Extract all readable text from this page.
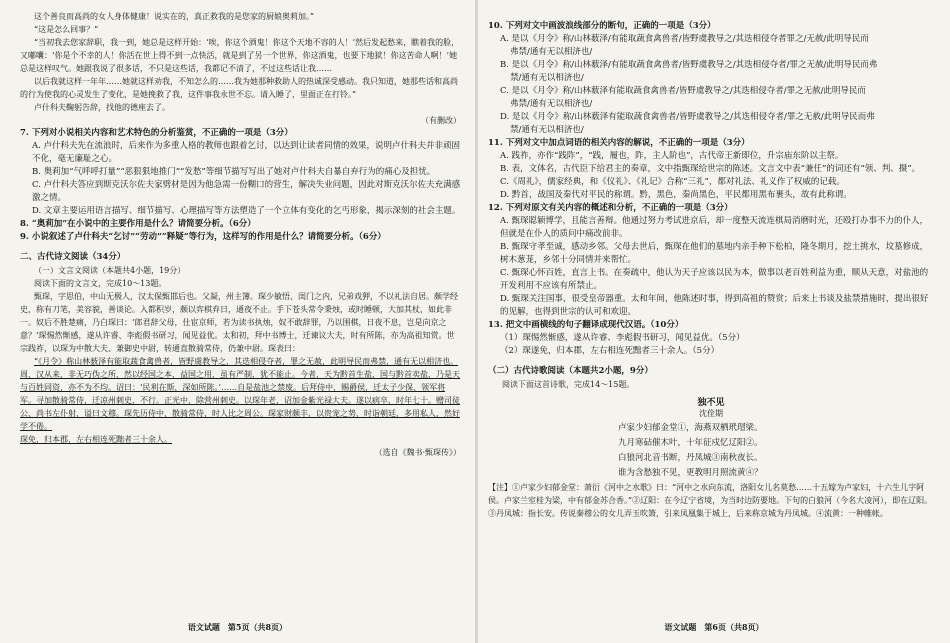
这个善良而高尚的女人身体健康！说实在的，真正救我的是您家的厨娘奥莉加。”

“这是怎么回事？”

“当初我去您家辞职，我一到，她总是这样开始：‘唉，你这个酒鬼！你这个天地不容的人！’然后发起愁来，瞧着我的脸，又嘟囔：‘你是个不幸的人！你活在世上得不到一点快活，就是到了另一个世界，你这酒鬼，也要下地狱！你这苦命人啊！’她总是这样叹气。她跟我说了很多话，不只是这些话，我都记不清了，不过这些话让我……

以后我就这样一年年……她就这样劝我，不知怎么的……我为她那种救助人的热诚深受感动。我只知道，她那些话和高尚的行为使我的心灵发生了变化，是她挽救了我，这件事我永世不忘。请入睡了，里面正在打铃。”

卢什科夫鞠躬告辞，找他的德座去了。

（有删改）

7. 下列对小说相关内容和艺术特色的分析鉴赏，不正确的一项是（3分）

A. 卢什科夫先在流浪时，后来作为多重人格的教师也跟着乞讨，以达到让读者同情的效果，说明卢什科夫并非顽固不化，毫无廉耻之心。

B. 奥莉加“气呼呼打量”“恶狠狠地推门”“发愁”等细节描写写出了她对卢什科夫自暴自弃行为的痛心及担忧。

C. 卢什科夫答应到斯克沃尔佐夫家劈材是因为他急需一份糊口的营生，解决失业问题，因此对斯克沃尔佐夫充满感激之情。

D. 文章主要运用语言描写、细节描写、心理描写等方法塑造了一个立体有变化的乞丐形象，揭示深刻的社会主题。

8. “奥莉加”在小说中的主要作用是什么？请简要分析。（6分）

9. 小说叙述了卢什科夫“乞讨”“劳动”“释疑”等行为，这样写的作用是什么？请简要分析。（6分）

二、古代诗文阅读（34分）

（一）文言文阅读（本题共4小题，19分）

阅读下面的文言文，完成10～13题。

甄琛，字思伯，中山无极人，汉太保甄邯后也。父凝，州主簿。琛少敏悟，闺门之内，兄弟戏狎，不以礼法自居。颇学经史，称有刀笔，美容貌，善谈论。入都积岁，颇以弈棋弃日，通夜不止。手下苍头常令秉烛，或时睡顿，大加其杖，如此非一。奴后不胜楚痛，乃白琛曰：‘郎君辞父母，仕宦京师，若为读书执烛，奴不敢辞罪，乃以围棋，日夜不息，岂是向京之意？’琛惕然惭感，遂从许睿、李彪假书研习，闻见益优。太和初，拜中书博士，迁谏议大夫，时有所陈，亦为高祖知赏。世宗践祚，以琛为中散大夫、兼御史中尉，转通直散骑常侍，仍兼中尉。琛表曰：

“《月令》称山林薮泽有能取蔬食禽兽者，皆野虞教导之，其迭相侵夺者，罪之无赦，此明导民而弗禁，通有无以相济也。周、汉从来，非无巧伪之所，然以经国之本，益国之用，虽有严制，犹不能止。今者，天为黔首生盐，国与黔首卖盐，乃是天与百姓同资，亦不为不均。诏曰：‘民利在斯，深如所陈。’……自是盐池之禁废。后拜侍中，赐爵侯，迁太子少保、领军将军。寻加散骑常侍，迁凉州刺史，不行。正光中，除营州刺史。以琛年老，诏加金紫光禄大夫。遂以病卒，时年七十。赠司徒公、尚书左仆射，谥曰文穆。琛先历侍中、散骑常侍，时人比之周公。琛家财颇丰，以贵宠之势，时诣朝廷，多用私人，然好学不倦。

琛免，归本郡，左右相连死黜者三十余人。

（选自《魏书·甄琛传》）

语文试题　第5页（共8页）

10. 下列对文中画波浪线部分的断句，正确的一项是（3分）

A. 是以《月令》称/山林薮泽/有能取蔬食禽兽者/皆野虞教导之/其迭相侵夺者罪之/无赦/此明导民而

弗禁/通有无以相济也/

B. 是以《月令》称/山林薮泽/有能取蔬食禽兽者/皆野虞教导之/其迭相侵夺者/罪之无赦/此明导民而弗

禁/通有无以相济也/

C. 是以《月令》称/山林薮泽有能取蔬食禽兽者/皆野虞教导之/其迭相侵夺者/罪之无赦/此明导民而

弗禁/通有无以相济也/

D. 是以《月令》称/山林薮泽有能取蔬食禽兽者/皆野虞教导之/其迭相侵夺者/罪之无赦/此明导民而弗

禁/通有无以相济也/

11. 下列对文中加点词语的相关内容的解说，不正确的一项是（3分）

A. 践祚，亦作“践阼”，“践，履也，阼，主人阶也”，古代帝王新即位，升宗庙东阶以主祭。

B. 表，文体名，古代臣下给君主的奏章，文中指甄琛给世宗的陈述。文言文中表“兼任”的词还有“领、判、摄”。

C.《周礼》，儒家经典，和《仪礼》、《礼记》合称“三礼”，都对礼法、礼义作了权威的记载。

D. 黔首，战国及秦代对平民的称谓。黔，黑色，秦尚黑色，平民都用黑布裹头，故有此称谓。

12. 下列对原文有关内容的概述和分析，不正确的一项是（3分）

A. 甄琛聪颖博学，且能言善辩。他通过努力考试进京后，却一度整天流连棋局消磨时光，还殴打办事不力的仆人，但就是在仆人的质问中痛改前非。

B. 甄琛守孝至诚，感动乡邻。父母去世后，甄琛在他们的墓地内亲手种下松柏，隆冬期月，挖土挑水，坟墓修成，树木葱茏，乡邻十分同情并来帮忙。

C. 甄琛心怀百姓，直言上书。在奏疏中，他认为天子应该以民为本，做事以老百姓利益为重，顺从天意，对盐池的开发利用不应该有所禁止。

D. 甄琛关注国事，很受皇帝器重。太和年间，他陈述时事，得到高祖的赞赏；后来上书谈及盐禁措施时，提出很好的见解，也得到世宗的认可和欢迎。

13. 把文中画横线的句子翻译成现代汉语。（10分）

（1）琛惕然惭感，遂从许睿、李彪假书研习，闻见益优。（5分）

（2）琛遂免，归本郡，左右相连死黜者三十余人。（5分）

（二）古代诗歌阅读（本题共2小题，9分）

阅读下面这首诗歌，完成14～15题。

独不见

沈佺期

卢家少妇郁金堂①，海燕双栖玳瑁梁。

九月寒砧催木叶，十年征戍忆辽阳②。

白狼河北音书断，丹凤城③南秋夜长。

谁为含愁独不见，更教明月照流黄④？

【注】①卢家少妇郁金堂：萧衍《河中之水歌》曰：“河中之水向东流，洛阳女儿名莫愁……十五嫁为卢家妇，十六生儿字阿侯。卢家兰室桂为梁，中有郁金苏合香。”②辽阳：在今辽宁省境，为当时边防要地。下句的白狼河（今名大凌河），即在辽阳。③丹凤城：指长安。传说秦穆公的女儿弄玉吹箫，引来凤凰集于城上，后来称京城为丹凤城。④流黄：一种帷帐。

语文试题　第6页（共8页）
